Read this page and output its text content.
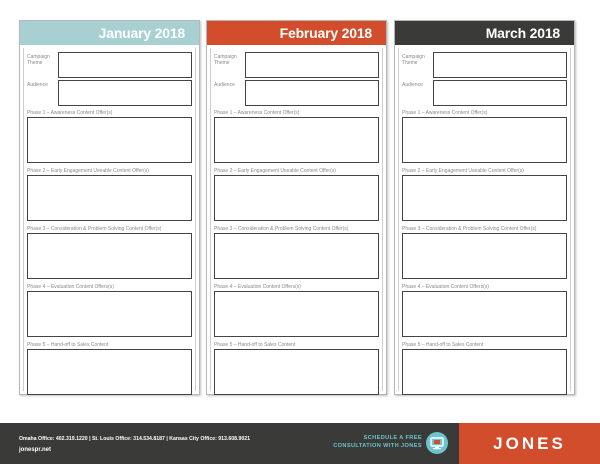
January 2018
Campaign Theme
Audience
Phase 1 – Awareness Content Offer(s)
Phase 2 – Early Engagement Useable Content Offer(s)
Phase 3 – Consideration & Problem Solving Content Offer(s)
Phase 4 – Evaluation Content Offers(s)
Phase 5 – Hand-off to Sales Content
February 2018
Campaign Theme
Audience
Phase 1 – Awareness Content Offer(s)
Phase 2 – Early Engagement Useable Content Offer(s)
Phase 3 – Consideration & Problem Solving Content Offer(s)
Phase 4 – Evaluation Content Offers(s)
Phase 5 – Hand-off to Sales Content
March 2018
Campaign Theme
Audience
Phase 1 – Awareness Content Offer(s)
Phase 2 – Early Engagement Useable Content Offer(s)
Phase 3 – Consideration & Problem Solving Content Offer(s)
Phase 4 – Evaluation Content Offers(s)
Phase 5 – Hand-off to Sales Content
Omaha Office: 402.319.1220 | St. Louis Office: 314.534.8187 | Kansas City Office: 913.608.9021
jonespr.net
SCHEDULE A FREE
CONSULTATION WITH JONES	JONES
